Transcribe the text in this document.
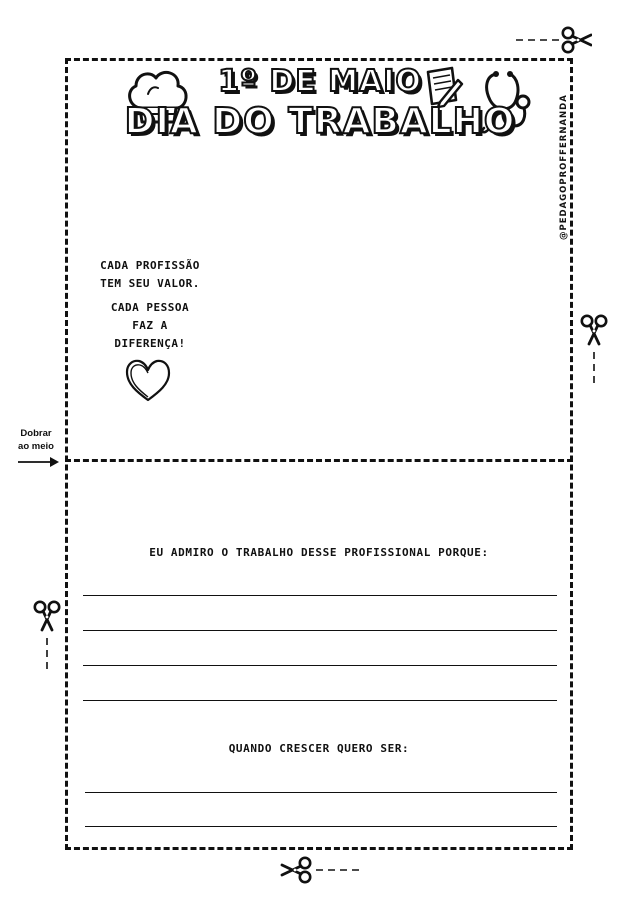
1º DE MAIO
DIA DO TRABALHO	@PEDAGOPROFFERNANDA
CADA PROFISSÃO
TEM SEU VALOR.
CADA PESSOA
FAZ A
DIFERENÇA!
Dobrar
ao meio
EU ADMIRO O TRABALHO DESSE PROFISSIONAL PORQUE:
QUANDO CRESCER QUERO SER:
